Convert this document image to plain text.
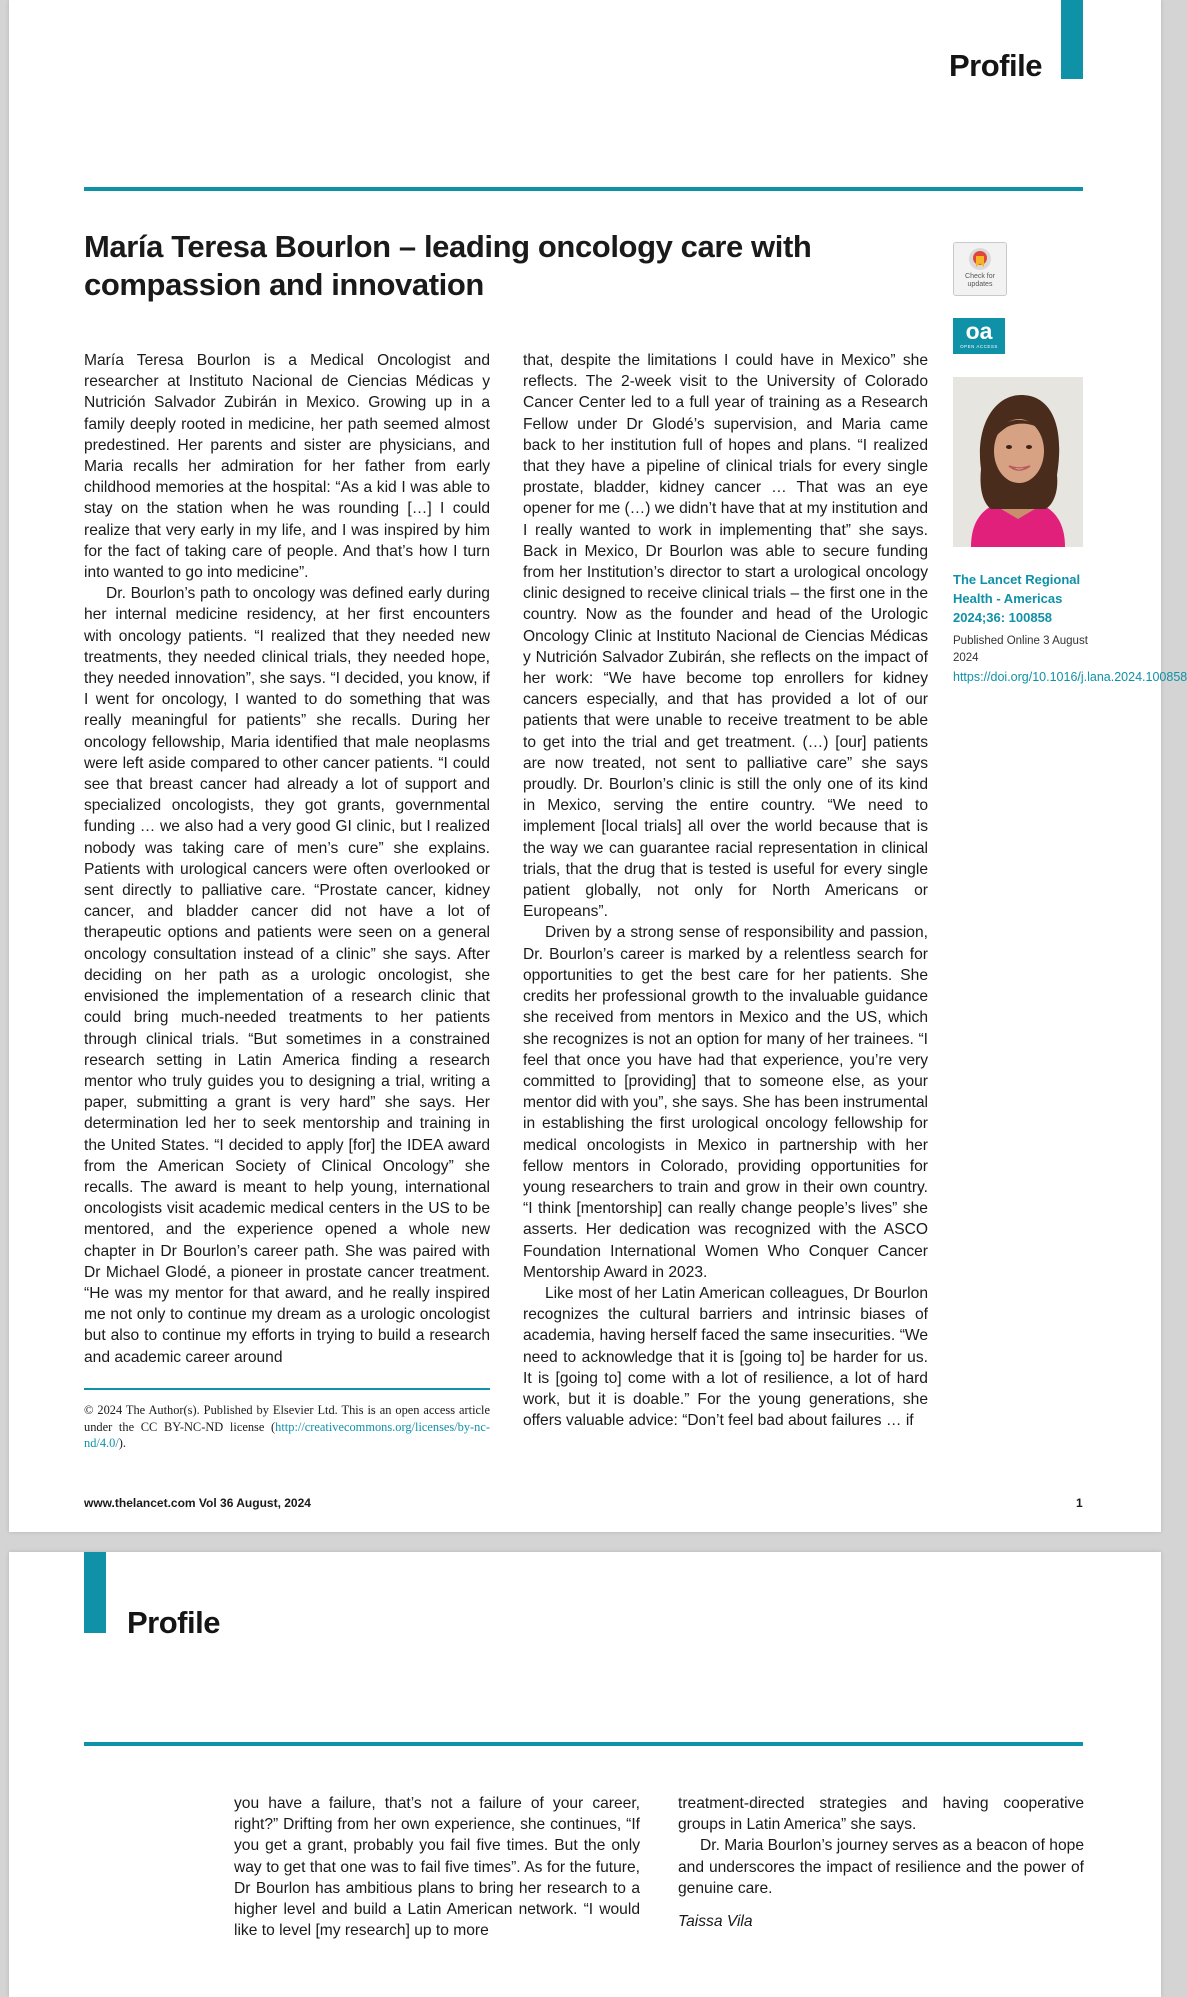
Profile
María Teresa Bourlon – leading oncology care with compassion and innovation	Check for updates
oa
OPEN ACCESS
The Lancet Regional Health - Americas 2024;36: 100858
Published Online 3 August 2024
https://doi.org/10.1016/j.lana.2024.100858

María Teresa Bourlon is a Medical Oncologist and researcher at Instituto Nacional de Ciencias Médicas y Nutrición Salvador Zubirán in Mexico. Growing up in a family deeply rooted in medicine, her path seemed almost predestined. Her parents and sister are physicians, and Maria recalls her admiration for her father from early childhood memories at the hospital: “As a kid I was able to stay on the station when he was rounding […] I could realize that very early in my life, and I was inspired by him for the fact of taking care of people. And that’s how I turn into wanted to go into medicine”.

Dr. Bourlon’s path to oncology was defined early during her internal medicine residency, at her first encounters with oncology patients. “I realized that they needed new treatments, they needed clinical trials, they needed hope, they needed innovation”, she says. “I decided, you know, if I went for oncology, I wanted to do something that was really meaningful for patients” she recalls. During her oncology fellowship, Maria identified that male neoplasms were left aside compared to other cancer patients. “I could see that breast cancer had already a lot of support and specialized oncologists, they got grants, governmental funding … we also had a very good GI clinic, but I realized nobody was taking care of men’s cure” she explains. Patients with urological cancers were often overlooked or sent directly to palliative care. “Prostate cancer, kidney cancer, and bladder cancer did not have a lot of therapeutic options and patients were seen on a general oncology consultation instead of a clinic” she says. After deciding on her path as a urologic oncologist, she envisioned the implementation of a research clinic that could bring much-needed treatments to her patients through clinical trials. “But sometimes in a constrained research setting in Latin America finding a research mentor who truly guides you to designing a trial, writing a paper, submitting a grant is very hard” she says. Her determination led her to seek mentorship and training in the United States. “I decided to apply [for] the IDEA award from the American Society of Clinical Oncology” she recalls. The award is meant to help young, international oncologists visit academic medical centers in the US to be mentored, and the experience opened a whole new chapter in Dr Bourlon’s career path. She was paired with Dr Michael Glodé, a pioneer in prostate cancer treatment. “He was my mentor for that award, and he really inspired me not only to continue my dream as a urologic oncologist but also to continue my efforts in trying to build a research and academic career around

that, despite the limitations I could have in Mexico” she reflects. The 2-week visit to the University of Colorado Cancer Center led to a full year of training as a Research Fellow under Dr Glodé’s supervision, and Maria came back to her institution full of hopes and plans. “I realized that they have a pipeline of clinical trials for every single prostate, bladder, kidney cancer … That was an eye opener for me (…) we didn’t have that at my institution and I really wanted to work in implementing that” she says. Back in Mexico, Dr Bourlon was able to secure funding from her Institution’s director to start a urological oncology clinic designed to receive clinical trials – the first one in the country. Now as the founder and head of the Urologic Oncology Clinic at Instituto Nacional de Ciencias Médicas y Nutrición Salvador Zubirán, she reflects on the impact of her work: “We have become top enrollers for kidney cancers especially, and that has provided a lot of our patients that were unable to receive treatment to be able to get into the trial and get treatment. (…) [our] patients are now treated, not sent to palliative care” she says proudly. Dr. Bourlon’s clinic is still the only one of its kind in Mexico, serving the entire country. “We need to implement [local trials] all over the world because that is the way we can guarantee racial representation in clinical trials, that the drug that is tested is useful for every single patient globally, not only for North Americans or Europeans”.

Driven by a strong sense of responsibility and passion, Dr. Bourlon’s career is marked by a relentless search for opportunities to get the best care for her patients. She credits her professional growth to the invaluable guidance she received from mentors in Mexico and the US, which she recognizes is not an option for many of her trainees. “I feel that once you have had that experience, you’re very committed to [providing] that to someone else, as your mentor did with you”, she says. She has been instrumental in establishing the first urological oncology fellowship for medical oncologists in Mexico in partnership with her fellow mentors in Colorado, providing opportunities for young researchers to train and grow in their own country. “I think [mentorship] can really change people’s lives” she asserts. Her dedication was recognized with the ASCO Foundation International Women Who Conquer Cancer Mentorship Award in 2023.

Like most of her Latin American colleagues, Dr Bourlon recognizes the cultural barriers and intrinsic biases of academia, having herself faced the same insecurities. “We need to acknowledge that it is [going to] be harder for us. It is [going to] come with a lot of resilience, a lot of hard work, but it is doable.” For the young generations, she offers valuable advice: “Don’t feel bad about failures … if

© 2024 The Author(s). Published by Elsevier Ltd. This is an open access article under the CC BY-NC-ND license (http://creativecommons.org/licenses/by-nc-nd/4.0/).
www.thelancet.com Vol 36 August, 2024	1
Profile

you have a failure, that’s not a failure of your career, right?” Drifting from her own experience, she continues, “If you get a grant, probably you fail five times. But the only way to get that one was to fail five times”. As for the future, Dr Bourlon has ambitious plans to bring her research to a higher level and build a Latin American network. “I would like to level [my research] up to more

treatment-directed strategies and having cooperative groups in Latin America” she says.

Dr. Maria Bourlon’s journey serves as a beacon of hope and underscores the impact of resilience and the power of genuine care.

Taissa Vila
